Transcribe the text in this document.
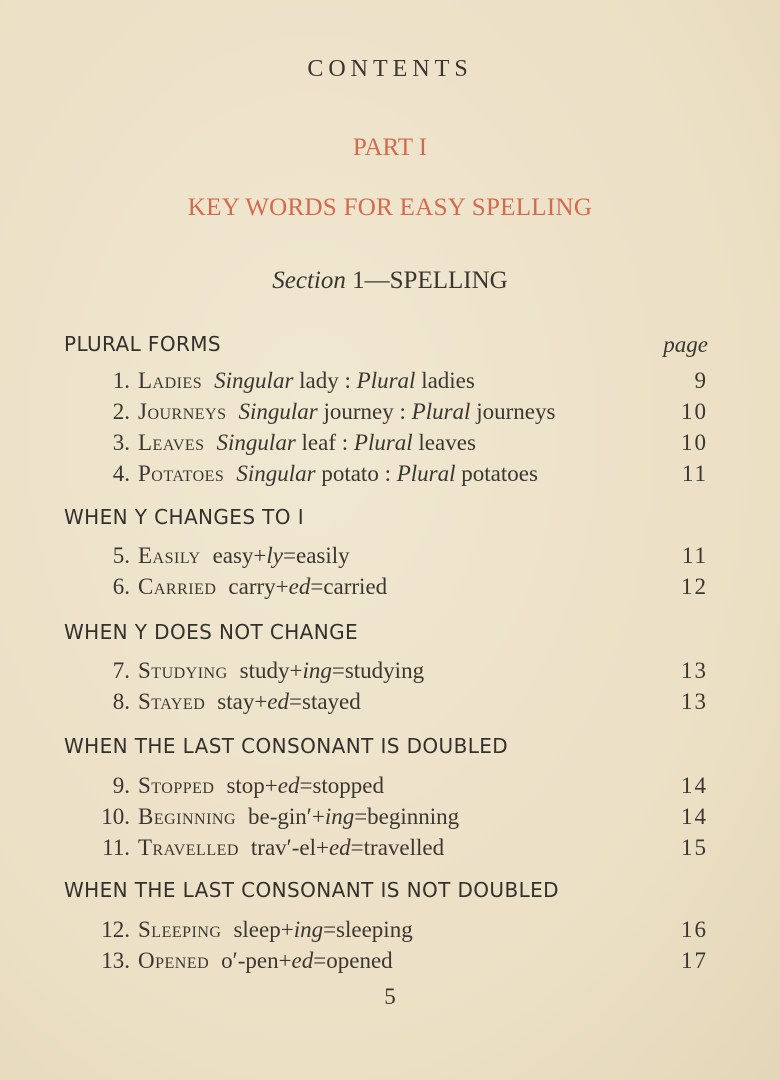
CONTENTS
PART I
KEY WORDS FOR EASY SPELLING
Section 1—SPELLING
page
PLURAL FORMS
1. Ladies Singular lady : Plural ladies	9
2. Journeys Singular journey : Plural journeys	10
3. Leaves Singular leaf : Plural leaves	10
4. Potatoes Singular potato : Plural potatoes	11
WHEN Y CHANGES TO I
5. Easily easy+ly=easily	11
6. Carried carry+ed=carried	12
WHEN Y DOES NOT CHANGE
7. Studying study+ing=studying	13
8. Stayed stay+ed=stayed	13
WHEN THE LAST CONSONANT IS DOUBLED
9. Stopped stop+ed=stopped	14
10. Beginning be-gin′+ing=beginning	14
11. Travelled trav′-el+ed=travelled	15
WHEN THE LAST CONSONANT IS NOT DOUBLED
12. Sleeping sleep+ing=sleeping	16
13. Opened o′-pen+ed=opened	17
5
